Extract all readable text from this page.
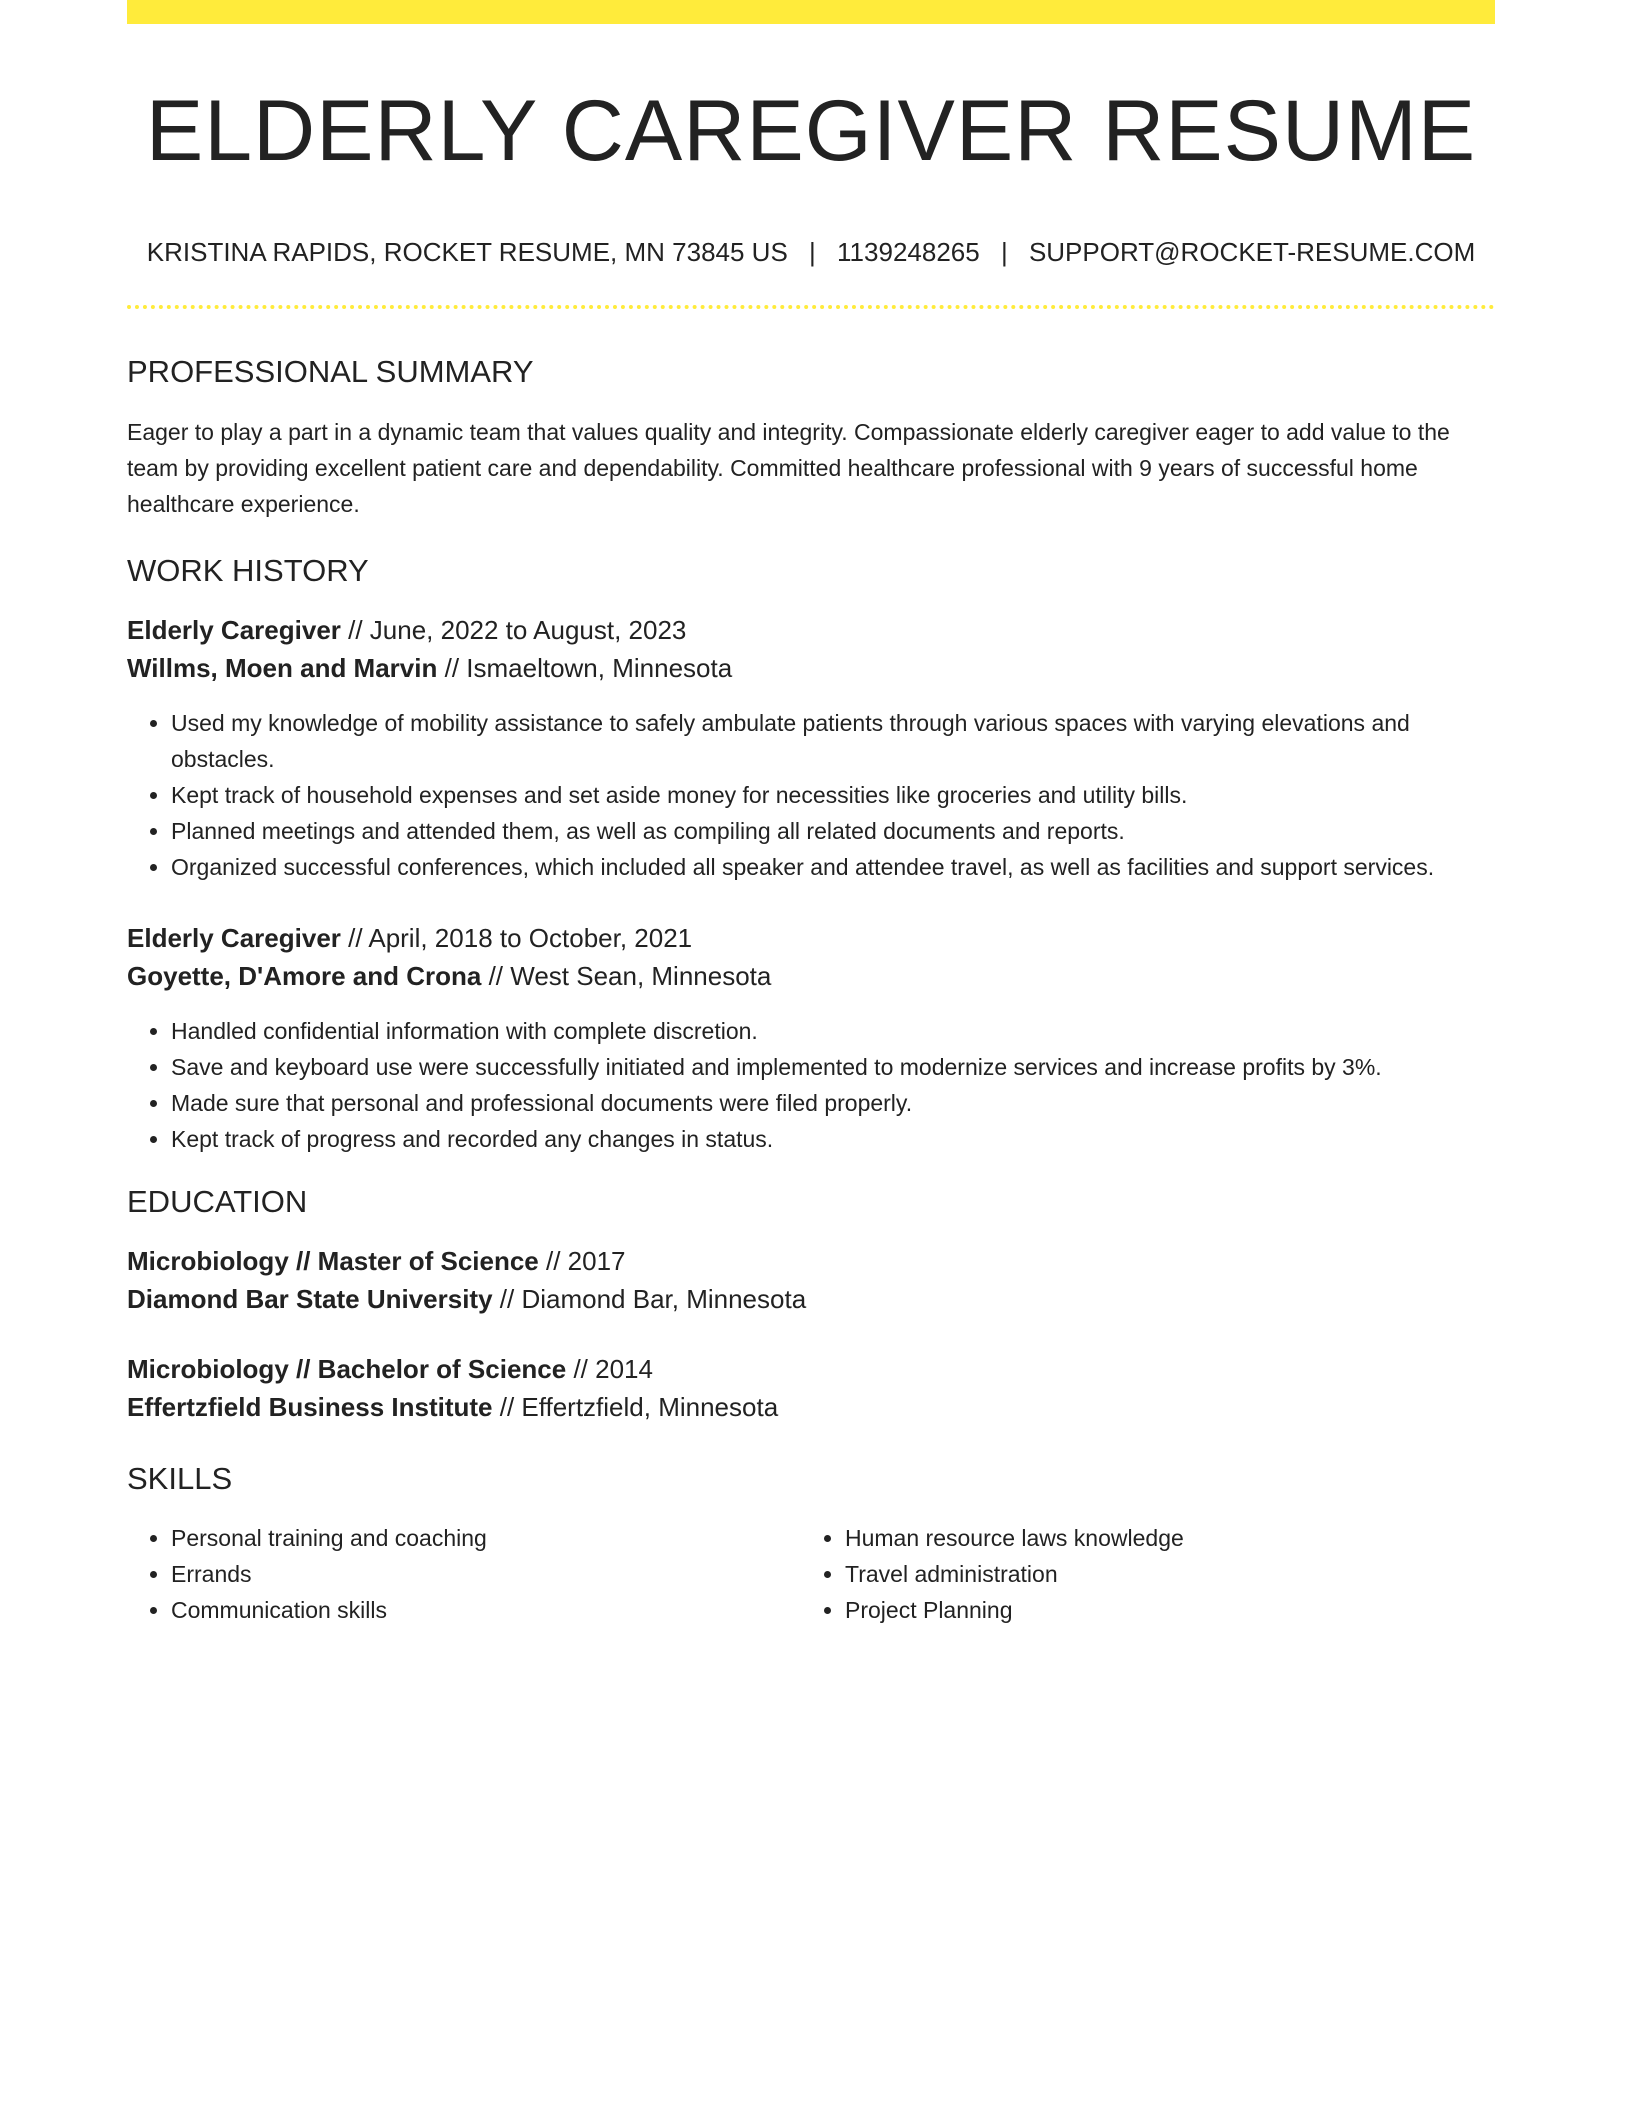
ELDERLY CAREGIVER RESUME
KRISTINA RAPIDS, ROCKET RESUME, MN 73845 US | 1139248265 | SUPPORT@ROCKET-RESUME.COM
PROFESSIONAL SUMMARY

Eager to play a part in a dynamic team that values quality and integrity. Compassionate elderly caregiver eager to add value to the team by providing excellent patient care and dependability. Committed healthcare professional with 9 years of successful home healthcare experience.

WORK HISTORY
Elderly Caregiver // June, 2022 to August, 2023
Willms, Moen and Marvin // Ismaeltown, Minnesota
• Used my knowledge of mobility assistance to safely ambulate patients through various spaces with varying elevations and obstacles.
• Kept track of household expenses and set aside money for necessities like groceries and utility bills.
• Planned meetings and attended them, as well as compiling all related documents and reports.
• Organized successful conferences, which included all speaker and attendee travel, as well as facilities and support services.
Elderly Caregiver // April, 2018 to October, 2021
Goyette, D'Amore and Crona // West Sean, Minnesota
• Handled confidential information with complete discretion.
• Save and keyboard use were successfully initiated and implemented to modernize services and increase profits by 3%.
• Made sure that personal and professional documents were filed properly.
• Kept track of progress and recorded any changes in status.
EDUCATION
Microbiology // Master of Science // 2017
Diamond Bar State University // Diamond Bar, Minnesota
Microbiology // Bachelor of Science // 2014
Effertzfield Business Institute // Effertzfield, Minnesota
SKILLS
• Personal training and coaching
• Errands
• Communication skills
• Human resource laws knowledge
• Travel administration
• Project Planning
